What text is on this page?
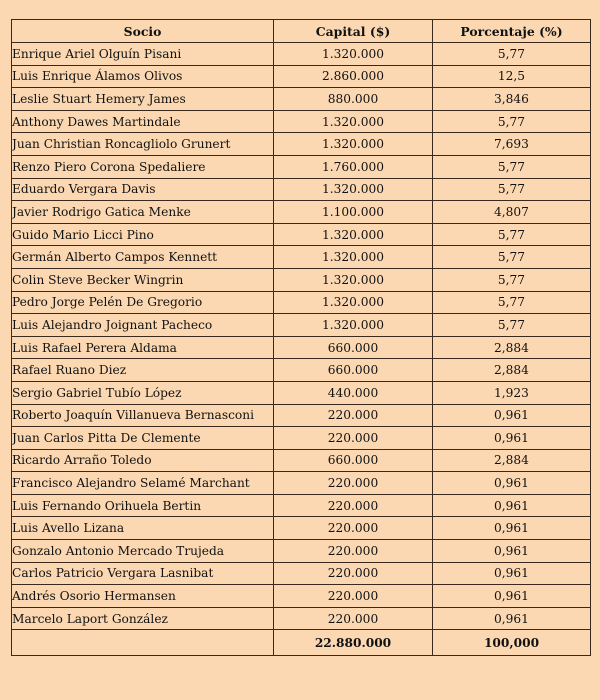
Socio	Capital ($)	Porcentaje (%)
Enrique Ariel Olguín Pisani	1.320.000	5,77
Luis Enrique Álamos Olivos	2.860.000	12,5
Leslie Stuart Hemery James	880.000	3,846
Anthony Dawes Martindale	1.320.000	5,77
Juan Christian Roncagliolo Grunert	1.320.000	7,693
Renzo Piero Corona Spedaliere	1.760.000	5,77
Eduardo Vergara Davis	1.320.000	5,77
Javier Rodrigo Gatica Menke	1.100.000	4,807
Guido Mario Licci Pino	1.320.000	5,77
Germán Alberto Campos Kennett	1.320.000	5,77
Colin Steve Becker Wingrin	1.320.000	5,77
Pedro Jorge Pelén De Gregorio	1.320.000	5,77
Luis Alejandro Joignant Pacheco	1.320.000	5,77
Luis Rafael Perera Aldama	660.000	2,884
Rafael Ruano Diez	660.000	2,884
Sergio Gabriel Tubío López	440.000	1,923
Roberto Joaquín Villanueva Bernasconi	220.000	0,961
Juan Carlos Pitta De Clemente	220.000	0,961
Ricardo Arraño Toledo	660.000	2,884
Francisco Alejandro Selamé Marchant	220.000	0,961
Luis Fernando Orihuela Bertin	220.000	0,961
Luis Avello Lizana	220.000	0,961
Gonzalo Antonio Mercado Trujeda	220.000	0,961
Carlos Patricio Vergara Lasnibat	220.000	0,961
Andrés Osorio Hermansen	220.000	0,961
Marcelo Laport González	220.000	0,961
	22.880.000	100,000
